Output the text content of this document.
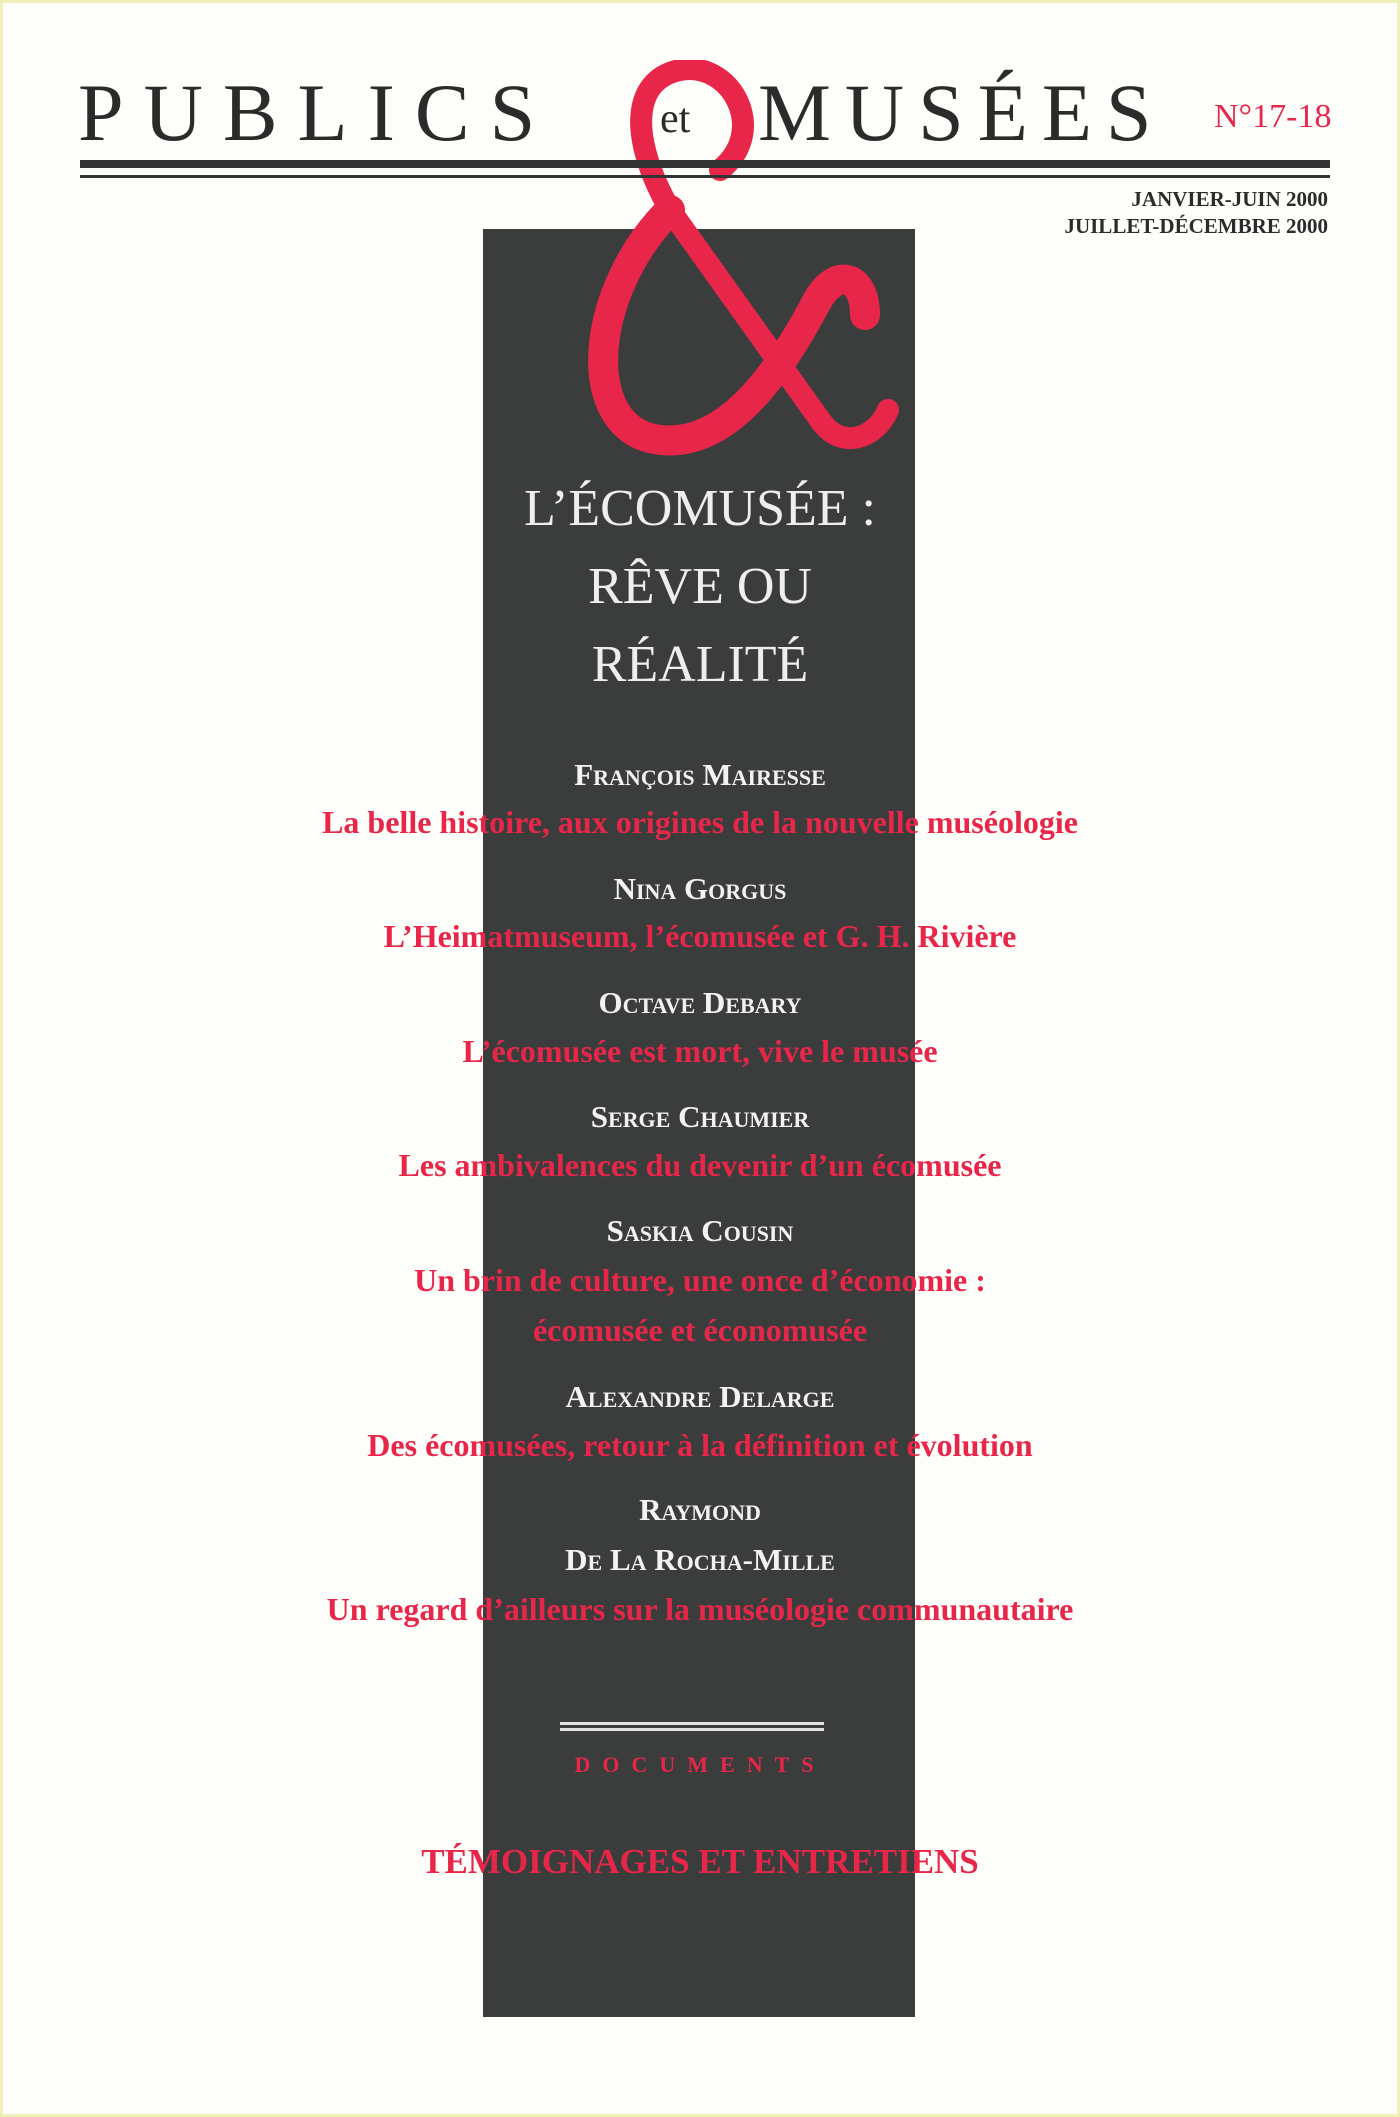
PUBLICS et MUSÉES N°17-18
JANVIER-JUIN 2000
JUILLET-DÉCEMBRE 2000
L’ÉCOMUSÉE :
RÊVE OU
RÉALITÉ
François Mairesse
La belle histoire, aux origines de la nouvelle muséologie
Nina Gorgus
L’Heimatmuseum, l’écomusée et G. H. Rivière
Octave Debary
L’écomusée est mort, vive le musée
Serge Chaumier
Les ambivalences du devenir d’un écomusée
Saskia Cousin
Un brin de culture, une once d’économie :
écomusée et économusée
Alexandre Delarge
Des écomusées, retour à la définition et évolution
Raymond
De La Rocha-Mille
Un regard d’ailleurs sur la muséologie communautaire
DOCUMENTS
TÉMOIGNAGES ET ENTRETIENS
